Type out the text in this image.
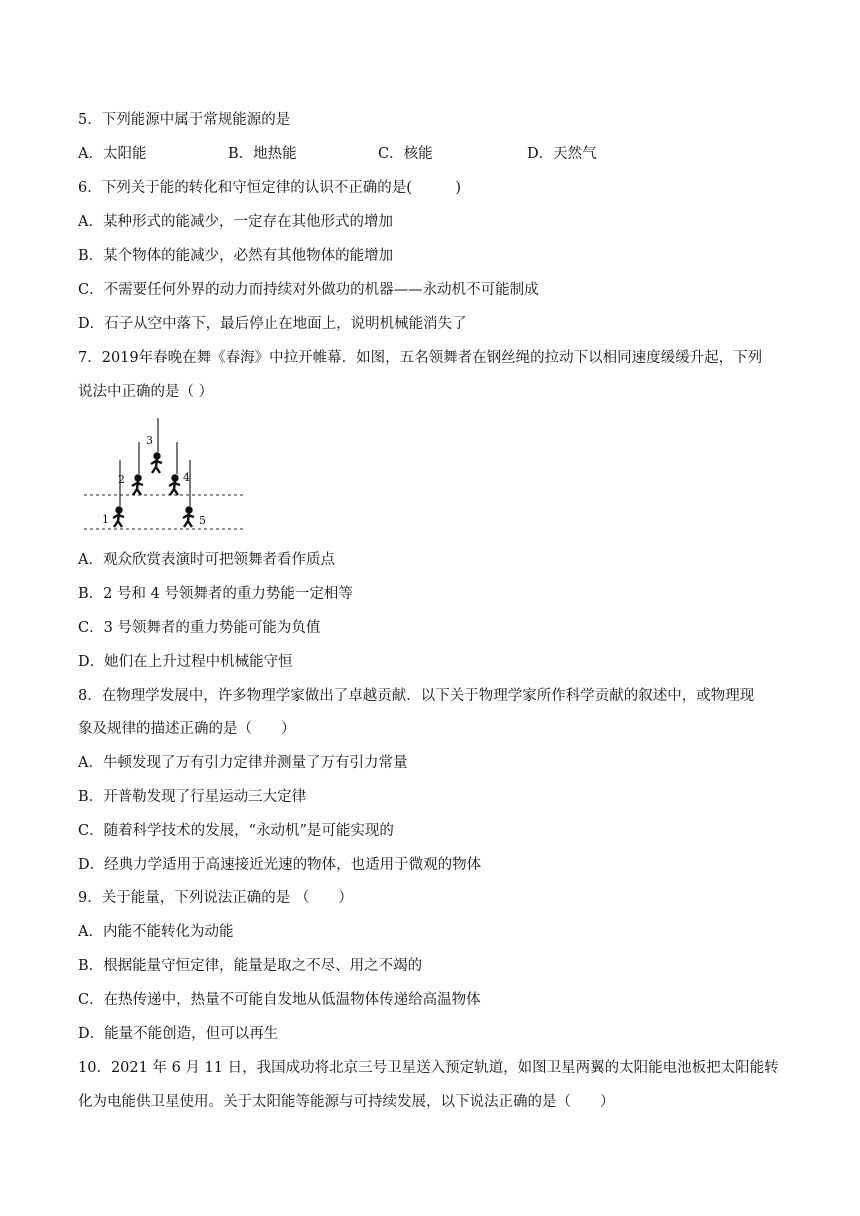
5．下列能源中属于常规能源的是
A．太阳能	B．地热能	C．核能	D．天然气
6．下列关于能的转化和守恒定律的认识不正确的是(　　　)
A．某种形式的能减少，一定存在其他形式的增加
B．某个物体的能减少，必然有其他物体的能增加
C．不需要任何外界的动力而持续对外做功的机器——永动机不可能制成
D．石子从空中落下，最后停止在地面上，说明机械能消失了
7．2019年春晚在舞《春海》中拉开帷幕．如图，五名领舞者在钢丝绳的拉动下以相同速度缓缓升起，下列
说法中正确的是（ ）
1
2
3
4
5
A．观众欣赏表演时可把领舞者看作质点
B．2 号和 4 号领舞者的重力势能一定相等
C．3 号领舞者的重力势能可能为负值
D．她们在上升过程中机械能守恒
8．在物理学发展中，许多物理学家做出了卓越贡献．以下关于物理学家所作科学贡献的叙述中，或物理现
象及规律的描述正确的是（　　）
A．牛顿发现了万有引力定律并测量了万有引力常量
B．开普勒发现了行星运动三大定律
C．随着科学技术的发展，“永动机”是可能实现的
D．经典力学适用于高速接近光速的物体，也适用于微观的物体
9．关于能量，下列说法正确的是 （　　）
A．内能不能转化为动能
B．根据能量守恒定律，能量是取之不尽、用之不竭的
C．在热传递中，热量不可能自发地从低温物体传递给高温物体
D．能量不能创造，但可以再生
10．2021 年 6 月 11 日，我国成功将北京三号卫星送入预定轨道，如图卫星两翼的太阳能电池板把太阳能转
化为电能供卫星使用。关于太阳能等能源与可持续发展，以下说法正确的是（　　）
